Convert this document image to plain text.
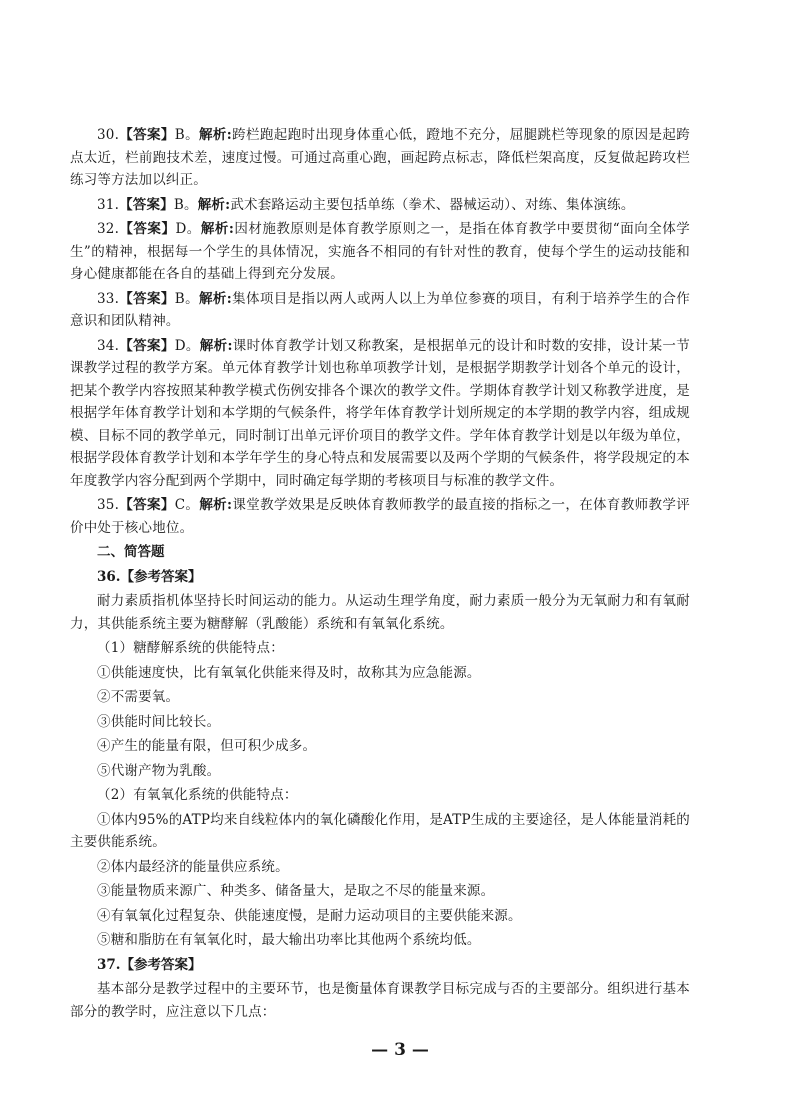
30.【答案】B。解析:跨栏跑起跑时出现身体重心低，蹬地不充分，屈腿跳栏等现象的原因是起跨点太近，栏前跑技术差，速度过慢。可通过高重心跑，画起跨点标志，降低栏架高度，反复做起跨攻栏练习等方法加以纠正。

31.【答案】B。解析:武术套路运动主要包括单练（拳术、器械运动）、对练、集体演练。

32.【答案】D。解析:因材施教原则是体育教学原则之一，是指在体育教学中要贯彻“面向全体学生”的精神，根据每一个学生的具体情况，实施各不相同的有针对性的教育，使每个学生的运动技能和身心健康都能在各自的基础上得到充分发展。

33.【答案】B。解析:集体项目是指以两人或两人以上为单位参赛的项目，有利于培养学生的合作意识和团队精神。

34.【答案】D。解析:课时体育教学计划又称教案，是根据单元的设计和时数的安排，设计某一节课教学过程的教学方案。单元体育教学计划也称单项教学计划，是根据学期教学计划各个单元的设计，把某个教学内容按照某种教学模式伤例安排各个课次的教学文件。学期体育教学计划又称教学进度，是根据学年体育教学计划和本学期的气候条件，将学年体育教学计划所规定的本学期的教学内容，组成规模、目标不同的教学单元，同时制订出单元评价项目的教学文件。学年体育教学计划是以年级为单位，根据学段体育教学计划和本学年学生的身心特点和发展需要以及两个学期的气候条件，将学段规定的本年度教学内容分配到两个学期中，同时确定每学期的考核项目与标准的教学文件。

35.【答案】C。解析:课堂教学效果是反映体育教师教学的最直接的指标之一，在体育教师教学评价中处于核心地位。

二、简答题

36.【参考答案】

耐力素质指机体坚持长时间运动的能力。从运动生理学角度，耐力素质一般分为无氧耐力和有氧耐力，其供能系统主要为糖酵解（乳酸能）系统和有氧氧化系统。

（1）糖酵解系统的供能特点：

①供能速度快，比有氧氧化供能来得及时，故称其为应急能源。

②不需要氧。

③供能时间比较长。

④产生的能量有限，但可积少成多。

⑤代谢产物为乳酸。

（2）有氧氧化系统的供能特点：

①体内95%的ATP均来自线粒体内的氧化磷酸化作用，是ATP生成的主要途径，是人体能量消耗的主要供能系统。

②体内最经济的能量供应系统。

③能量物质来源广、种类多、储备量大，是取之不尽的能量来源。

④有氧氧化过程复杂、供能速度慢，是耐力运动项目的主要供能来源。

⑤糖和脂肪在有氧氧化时，最大输出功率比其他两个系统均低。

37.【参考答案】

基本部分是教学过程中的主要环节，也是衡量体育课教学目标完成与否的主要部分。组织进行基本部分的教学时，应注意以下几点：

— 3 —
